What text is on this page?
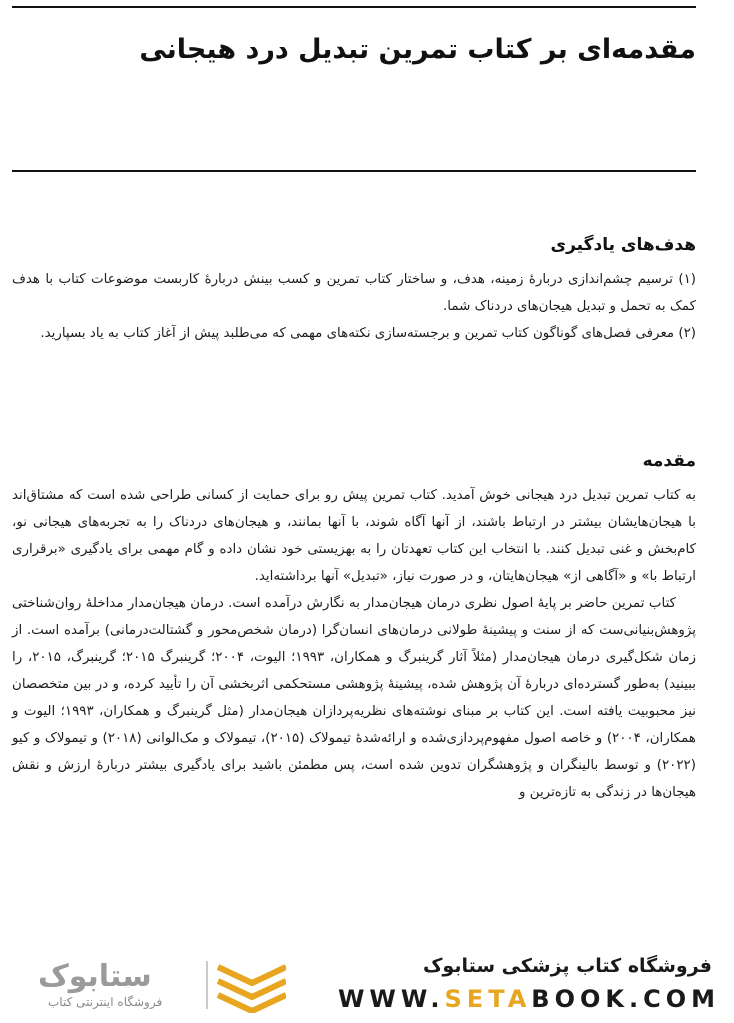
مقدمه‌ای بر کتاب تمرین تبدیل درد هیجانی
هدف‌های یادگیری

(۱) ترسیم چشم‌اندازی دربارهٔ زمینه، هدف، و ساختار کتاب تمرین و کسب بینش دربارهٔ کاربست موضوعات کتاب با هدف کمک به تحمل و تبدیل هیجان‌های دردناک شما.

(۲) معرفی فصل‌های گوناگون کتاب تمرین و برجسته‌سازی نکته‌های مهمی که می‌طلبد پیش از آغاز کتاب به یاد بسپارید.

مقدمه

به کتاب تمرین تبدیل درد هیجانی خوش آمدید. کتاب تمرین پیش رو برای حمایت از کسانی طراحی شده است که مشتاق‌اند با هیجان‌هایشان بیشتر در ارتباط باشند، از آنها آگاه شوند، با آنها بمانند، و هیجان‌های دردناک را به تجربه‌های هیجانی نو، کام‌بخش و غنی تبدیل کنند. با انتخاب این کتاب تعهدتان را به بهزیستی خود نشان داده و گام مهمی برای یادگیری «برقراری ارتباط با» و «آگاهی از» هیجان‌هایتان، و در صورت نیاز، «تبدیل» آنها برداشته‌اید.

کتاب تمرین حاضر بر پایهٔ اصول نظری درمان هیجان‌مدار به نگارش درآمده است. درمان هیجان‌مدار مداخلهٔ روان‌شناختی پژوهش‌بنیانی‌ست که از سنت و پیشینهٔ طولانی درمان‌های انسان‌گرا (درمان شخص‌محور و گشتالت‌درمانی) برآمده است. از زمان شکل‌گیری درمان هیجان‌مدار (مثلاً آثار گرینبرگ و همکاران، ۱۹۹۳؛ الیوت، ۲۰۰۴؛ گرینبرگ ۲۰۱۵؛ گرینبرگ، ۲۰۱۵، را ببینید) به‌طور گسترده‌ای دربارهٔ آن پژوهش شده، پیشینهٔ پژوهشی مستحکمی اثربخشی آن را تأیید کرده، و در بین متخصصان نیز محبوبیت یافته است. این کتاب بر مبنای نوشته‌های نظریه‌پردازان هیجان‌مدار (مثل گرینبرگ و همکاران، ۱۹۹۳؛ الیوت و همکاران، ۲۰۰۴) و خاصه اصول مفهوم‌پردازی‌شده و ارائه‌شدهٔ تیمولاک (۲۰۱۵)، تیمولاک و مک‌الوانی (۲۰۱۸) و تیمولاک و کیو (۲۰۲۲) و توسط بالینگران و پژوهشگران تدوین شده است، پس مطمئن باشید برای یادگیری بیشتر دربارهٔ ارزش و نقش هیجان‌ها در زندگی به تازه‌ترین و

فروشگاه کتاب پزشکی ستابوک
WWW.SETABOOK.COM
ستابوک
فروشگاه اینترنتی کتاب
